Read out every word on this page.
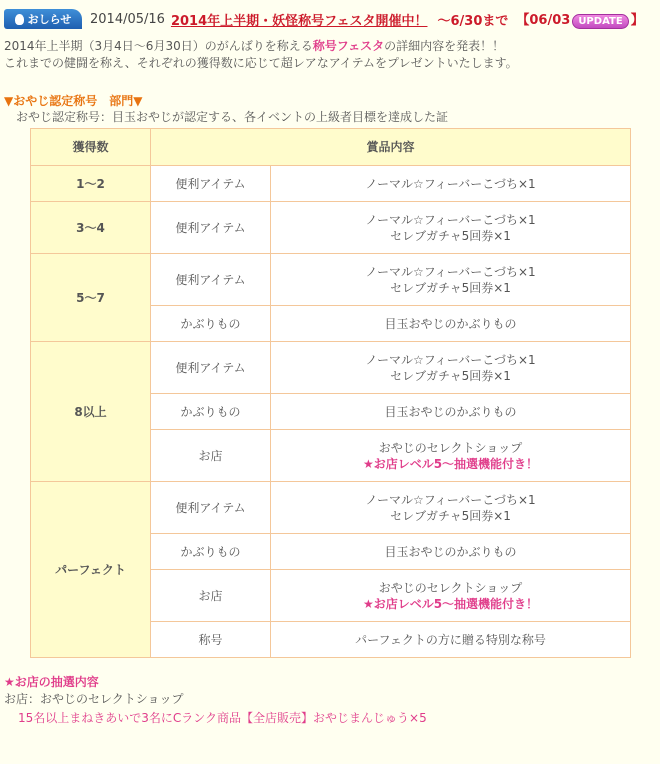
おしらせ 2014/05/16 2014年上半期・妖怪称号フェスタ開催中！ ～6/30まで 【06/03 UPDATE 】
2014年上半期（3月4日～6月30日）のがんばりを称える称号フェスタの詳細内容を発表！！
これまでの健闘を称え、それぞれの獲得数に応じて超レアなアイテムをプレゼントいたします。
▼おやじ認定称号　部門▼
おやじ認定称号：目玉おやじが認定する、各イベントの上級者目標を達成した証
獲得数	賞品内容	
1～2	便利アイテム	ノーマル☆フィーバーこづち×1

3～4	便利アイテム	ノーマル☆フィーバーこづち×1
セレブガチャ5回券×1

5～7	便利アイテム	ノーマル☆フィーバーこづち×1
セレブガチャ5回券×1

	かぶりもの	目玉おやじのかぶりもの

8以上	便利アイテム	ノーマル☆フィーバーこづち×1
セレブガチャ5回券×1

	かぶりもの	目玉おやじのかぶりもの

	お店	おやじのセレクトショップ
★お店レベル5～抽選機能付き！

パーフェクト	便利アイテム	ノーマル☆フィーバーこづち×1
セレブガチャ5回券×1

	かぶりもの	目玉おやじのかぶりもの

	お店	おやじのセレクトショップ
★お店レベル5～抽選機能付き！

	称号	パーフェクトの方に贈る特別な称号
★お店の抽選内容
お店：おやじのセレクトショップ
15名以上まねきあいで3名にCランク商品【全店販売】おやじまんじゅう×5
